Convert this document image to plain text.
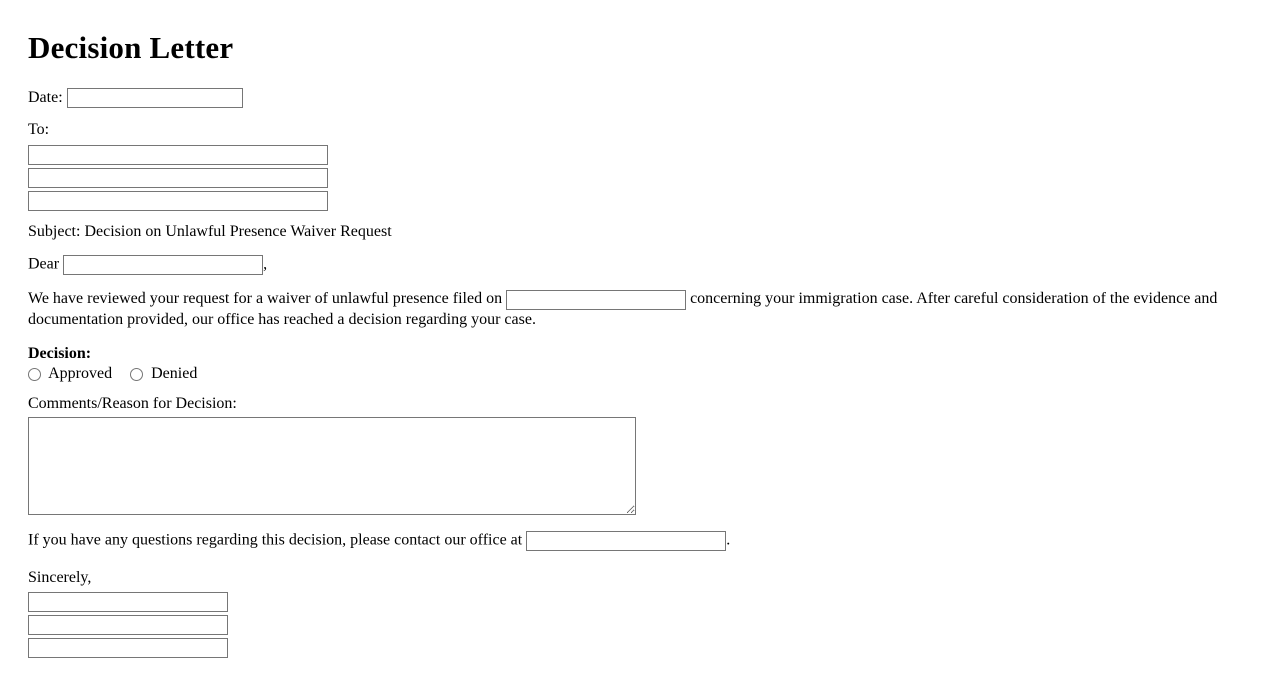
Decision Letter
Date:
To:
Subject: Decision on Unlawful Presence Waiver Request
Dear	,
We have reviewed your request for a waiver of unlawful presence filed on	concerning your immigration case. After careful consideration of the evidence and documentation provided, our office has reached a decision regarding your case.
Decision:
Approved Denied
Comments/Reason for Decision:
If you have any questions regarding this decision, please contact our office at	.
Sincerely,
